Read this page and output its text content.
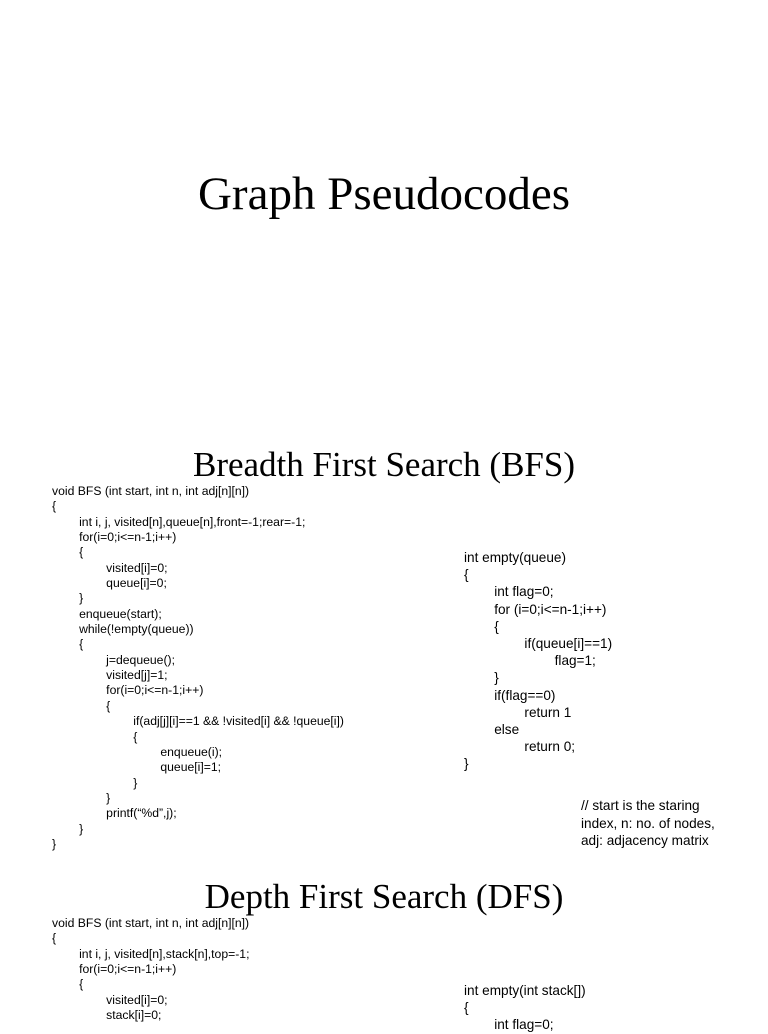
Graph Pseudocodes
Breadth First Search (BFS)
void BFS (int start, int n, int adj[n][n])
{
int i, j, visited[n],queue[n],front=-1;rear=-1;
for(i=0;i<=n-1;i++)
{
visited[i]=0;
queue[i]=0;
}
enqueue(start);
while(!empty(queue))
{
j=dequeue();
visited[j]=1;
for(i=0;i<=n-1;i++)
{
if(adj[j][i]==1 && !visited[i] && !queue[i])
{
enqueue(i);
queue[i]=1;
}
}
printf(“%d”,j);
}
}
int empty(queue)
{
int flag=0;
for (i=0;i<=n-1;i++)
{
if(queue[i]==1)
flag=1;
}
if(flag==0)
return 1
else
return 0;
}
// start is the staring
index, n: no. of nodes,
adj: adjacency matrix
Depth First Search (DFS)
void BFS (int start, int n, int adj[n][n])
{
int i, j, visited[n],stack[n],top=-1;
for(i=0;i<=n-1;i++)
{
visited[i]=0;
stack[i]=0;
int empty(int stack[])
{
int flag=0;
